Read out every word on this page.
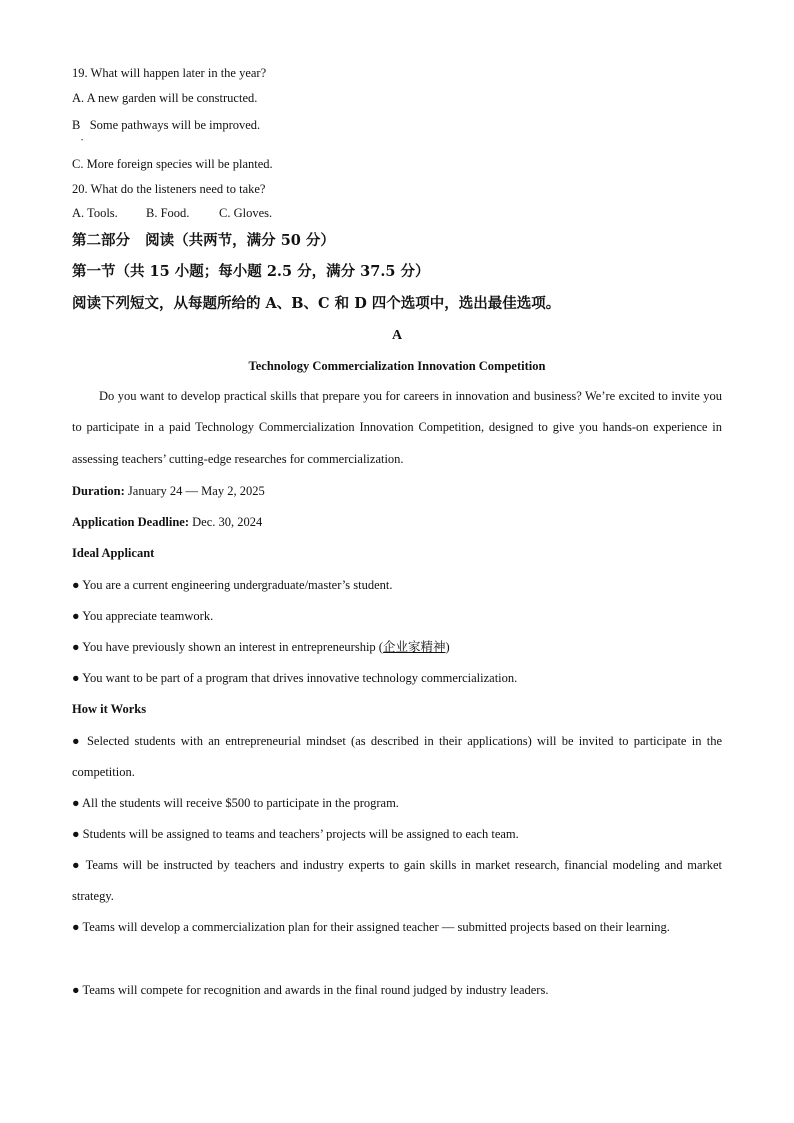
19. What will happen later in the year?
A. A new garden will be constructed.
B   Some pathways will be improved.
•
C. More foreign species will be planted.
20. What do the listeners need to take?
A. Tools. B. Food. C. Gloves.
第二部分   阅读（共两节，满分 50 分）
第一节（共 15 小题；每小题 2.5 分，满分 37.5 分）
阅读下列短文，从每题所给的 A、B、C 和 D 四个选项中，选出最佳选项。
A
Technology Commercialization Innovation Competition
Do you want to develop practical skills that prepare you for careers in innovation and business? We’re excited to invite you to participate in a paid Technology Commercialization Innovation Competition, designed to give you hands-on experience in assessing teachers’ cutting-edge researches for commercialization.
Duration: January 24 — May 2, 2025
Application Deadline: Dec. 30, 2024
Ideal Applicant
● You are a current engineering undergraduate/master’s student.
● You appreciate teamwork.
● You have previously shown an interest in entrepreneurship (企业家精神)
● You want to be part of a program that drives innovative technology commercialization.
How it Works
● Selected students with an entrepreneurial mindset (as described in their applications) will be invited to participate in the competition.
● All the students will receive $500 to participate in the program.
● Students will be assigned to teams and teachers’ projects will be assigned to each team.
● Teams will be instructed by teachers and industry experts to gain skills in market research, financial modeling and market strategy.
● Teams will develop a commercialization plan for their assigned teacher — submitted projects based on their learning.
● Teams will compete for recognition and awards in the final round judged by industry leaders.
